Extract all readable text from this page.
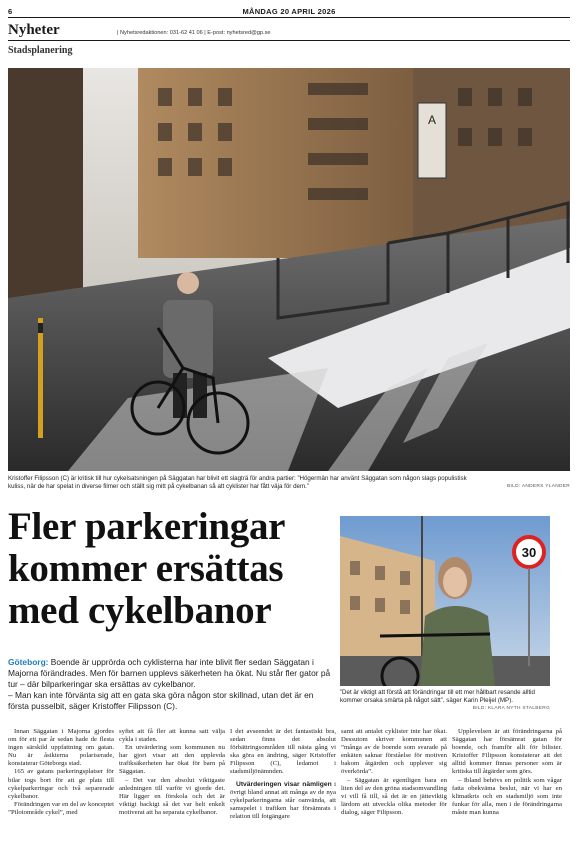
6	MÅNDAG 20 APRIL 2026
Nyheter	| Nyhetsredaktionen: 031-62 41 06 | E-post: nyhetsred@gp.se
Stadsplanering
A
Kristoffer Filipsson (C) är kritisk till hur cykelsatsningen på Säggatan har blivit ett slagträ för andra partier: ”Högermän har använt Säggatan som någon slags populistisk kuliss, när de har spelat in diverse filmer och ställt sig mitt på cykelbanan så att cyklister har fått väja för dem.”	BILD: ANDERS YLANDER
Fler parkeringar kommer ersättas med cykelbanor
30
”Det är viktigt att förstå att förändringar till ett mer hållbart resande alltid kommer orsaka smärta på något sätt”, säger Karin Pleijel (MP).
BILD: KLARA NYTH STALBERG
Göteborg: Boende är upprörda och cyklisterna har inte blivit fler sedan Säggatan i Majorna förändrades. Men för barnen upplevs säkerheten ha ökat. Nu står fler gator på tur – där bilparkeringar ska ersättas av cykelbanor.
– Man kan inte förvänta sig att en gata ska göra någon stor skillnad, utan det är en första pusselbit, säger Kristoffer Filipsson (C).

Innan Säggatan i Majorna gjordes om för ett par år sedan hade de flesta ingen särskild uppfattning om gatan. Nu är åsikterna polariserade, konstaterar Göteborgs stad.

165 av gatans parkeringsplatser för bilar togs bort för att ge plats till cykelparkeringar och två separerade cykelbanor.

Förändringen var en del av konceptet ”Pilotområde cykel”, med

syftet att få fler att kunna satt välja cykla i staden.

En utvärdering som kommunen nu har gjort visar att den upplevda trafiksäkerheten har ökat för barn på Säggatan.

– Det var den absolut viktigaste anledningen till varför vi gjorde det. Här ligger en förskola och det är viktigt backigt så det var helt enkelt motiverat att ha separata cykelbanor.

I det avseendet är det fantastiskt bra, sedan finns det absolut förbättringsområden till nästa gång vi ska göra en ändring, säger Kristoffer Filipsson (C), ledamot i stadsmiljönämnden.

Utvärderingen visar nämligen i övrigt bland annat att många av de nya cykelparkeringarna står oanvända, att samspelet i trafiken har försämrats i relation till fotgängare

samt att antalet cyklister inte har ökat. Dessutom skriver kommunen att ”många av de boende som svarade på enkäten saknar förståelse för motiven bakom åtgärden och upplever sig överkörda”.

– Säggatan är egentligen bara en liten del av den gröna stadsomvandling vi vill få till, så det är en jätteviktig lärdom att utveckla olika metoder för dialog, säger Filipsson.

Upplevelsen är att förändringarna på Säggatan har försämrat gatan för boende, och framför allt för bilister. Kristoffer Filipsson konstaterar att det alltid kommer finnas personer som är kritiska till åtgärder som görs.

– Ibland behövs en politik som vågar fatta obekväma beslut, när vi har en klimatkris och en stadsmiljö som inte funkar för alla, men i de förändringarna måste man kunna
